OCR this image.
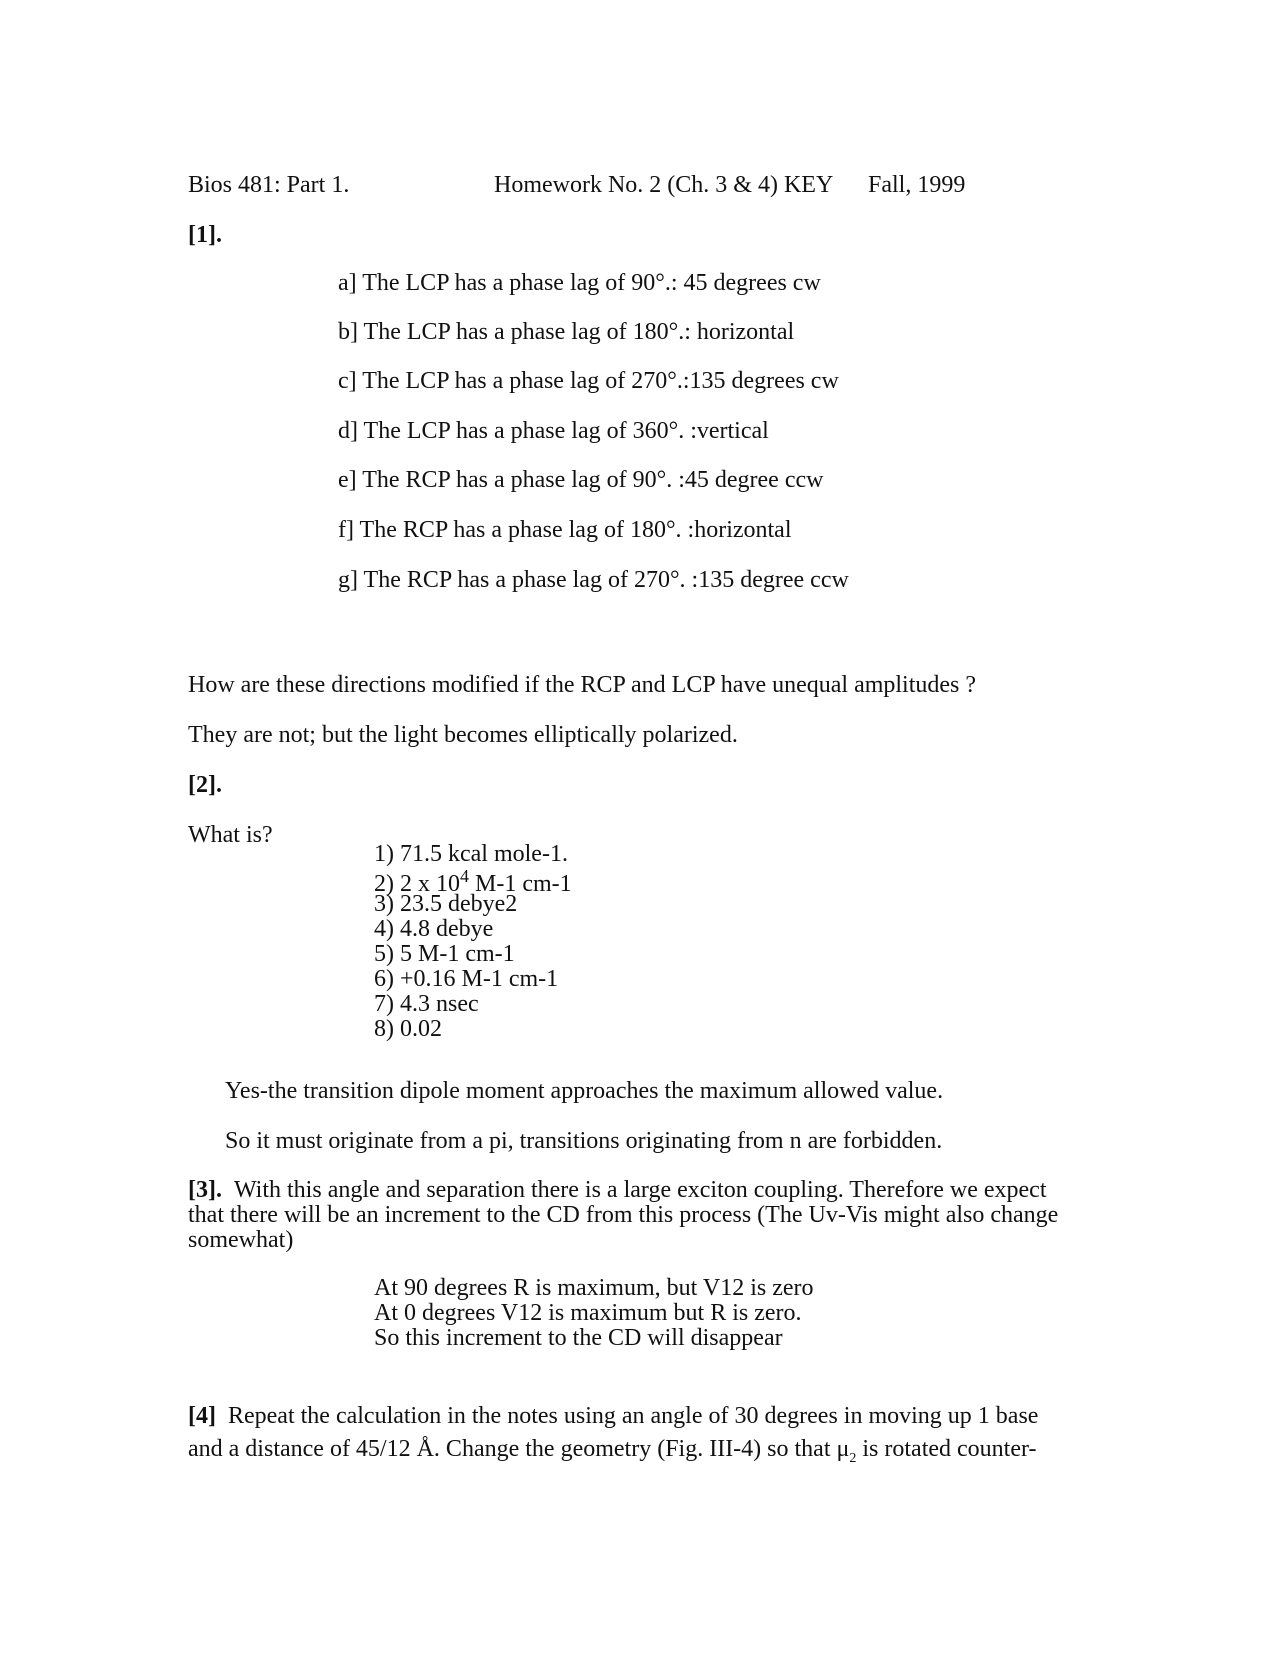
Bios 481: Part 1.	Homework No. 2 (Ch. 3 & 4) KEY Fall, 1999
[1].
a] The LCP has a phase lag of 90°.: 45 degrees cw
b] The LCP has a phase lag of 180°.: horizontal
c] The LCP has a phase lag of 270°.:135 degrees cw
d] The LCP has a phase lag of 360°. :vertical
e] The RCP has a phase lag of 90°. :45 degree ccw
f] The RCP has a phase lag of 180°. :horizontal
g] The RCP has a phase lag of 270°. :135 degree ccw
How are these directions modified if the RCP and LCP have unequal amplitudes ?
They are not; but the light becomes elliptically polarized.
[2].
What is?
1) 71.5 kcal mole-1.
2) 2 x $10^4$ M-1 cm-1
3) 23.5 debye2
4) 4.8 debye
5) 5 M-1 cm-1
6) +0.16 M-1 cm-1
7) 4.3 nsec
8) 0.02
Yes-the transition dipole moment approaches the maximum allowed value.
So it must originate from a pi, transitions originating from n are forbidden.
[3]. With this angle and separation there is a large exciton coupling. Therefore we expect that there will be an increment to the CD from this process (The Uv-Vis might also change somewhat)
At 90 degrees R is maximum, but V12 is zero
At 0 degrees V12 is maximum but R is zero.
So this increment to the CD will disappear
[4] Repeat the calculation in the notes using an angle of 30 degrees in moving up 1 base and a distance of 45/12 Å. Change the geometry (Fig. III-4) so that $\mu_2$ is rotated counter-
